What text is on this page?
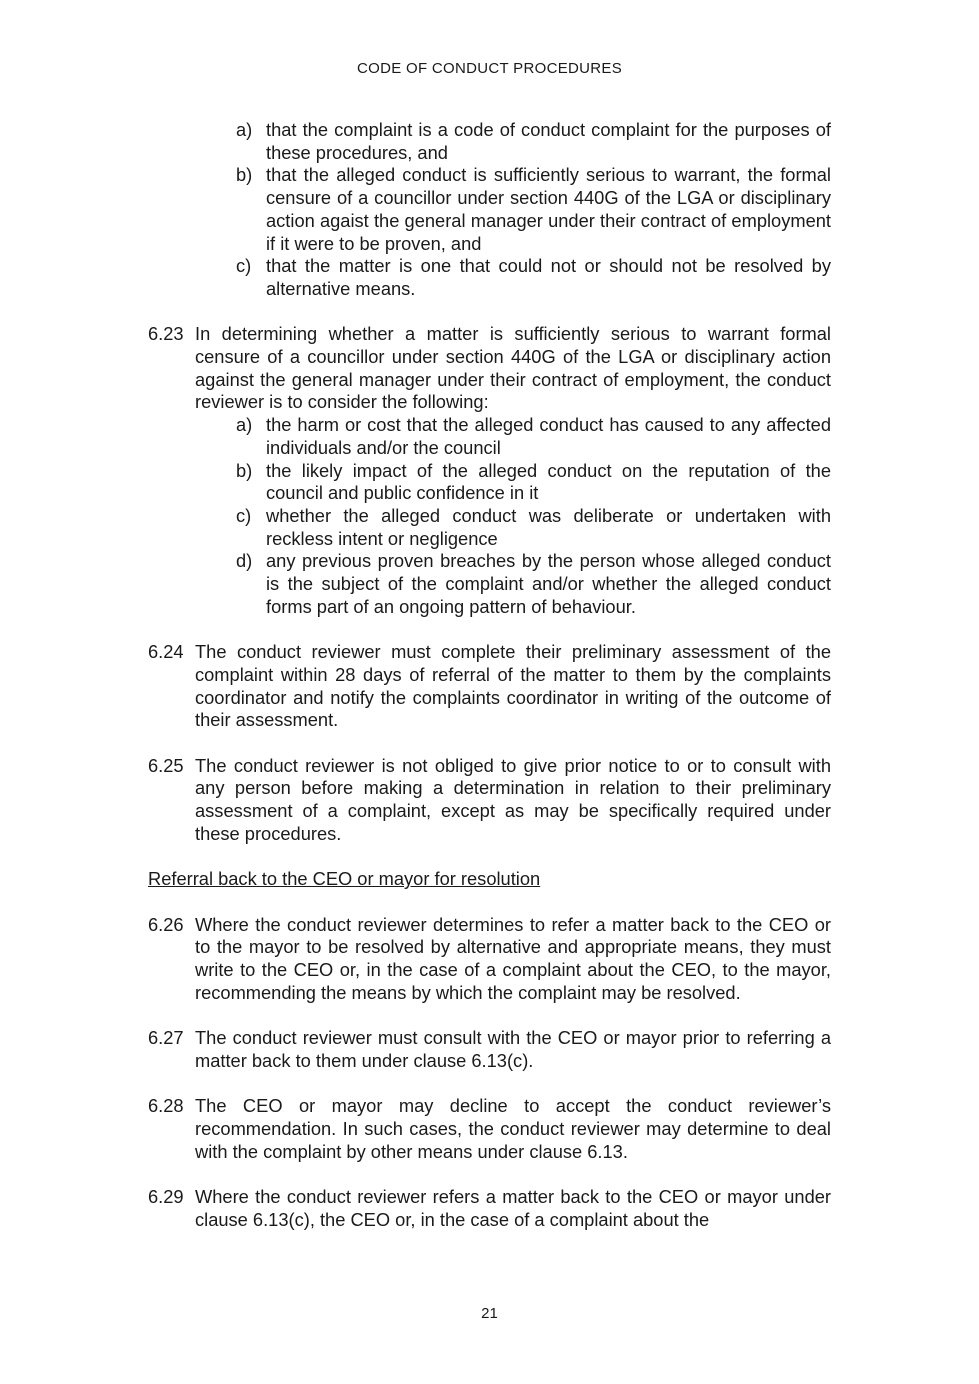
CODE OF CONDUCT PROCEDURES
a) that the complaint is a code of conduct complaint for the purposes of these procedures, and
b) that the alleged conduct is sufficiently serious to warrant, the formal censure of a councillor under section 440G of the LGA or disciplinary action agaist the general manager under their contract of employment if it were to be proven, and
c) that the matter is one that could not or should not be resolved by alternative means.
6.23 In determining whether a matter is sufficiently serious to warrant formal censure of a councillor under section 440G of the LGA or disciplinary action against the general manager under their contract of employment, the conduct reviewer is to consider the following:
a) the harm or cost that the alleged conduct has caused to any affected individuals and/or the council
b) the likely impact of the alleged conduct on the reputation of the council and public confidence in it
c) whether the alleged conduct was deliberate or undertaken with reckless intent or negligence
d) any previous proven breaches by the person whose alleged conduct is the subject of the complaint and/or whether the alleged conduct forms part of an ongoing pattern of behaviour.
6.24 The conduct reviewer must complete their preliminary assessment of the complaint within 28 days of referral of the matter to them by the complaints coordinator and notify the complaints coordinator in writing of the outcome of their assessment.
6.25 The conduct reviewer is not obliged to give prior notice to or to consult with any person before making a determination in relation to their preliminary assessment of a complaint, except as may be specifically required under these procedures.
Referral back to the CEO or mayor for resolution
6.26 Where the conduct reviewer determines to refer a matter back to the CEO or to the mayor to be resolved by alternative and appropriate means, they must write to the CEO or, in the case of a complaint about the CEO, to the mayor, recommending the means by which the complaint may be resolved.
6.27 The conduct reviewer must consult with the CEO or mayor prior to referring a matter back to them under clause 6.13(c).
6.28 The CEO or mayor may decline to accept the conduct reviewer’s recommendation. In such cases, the conduct reviewer may determine to deal with the complaint by other means under clause 6.13.
6.29 Where the conduct reviewer refers a matter back to the CEO or mayor under clause 6.13(c), the CEO or, in the case of a complaint about the
21
